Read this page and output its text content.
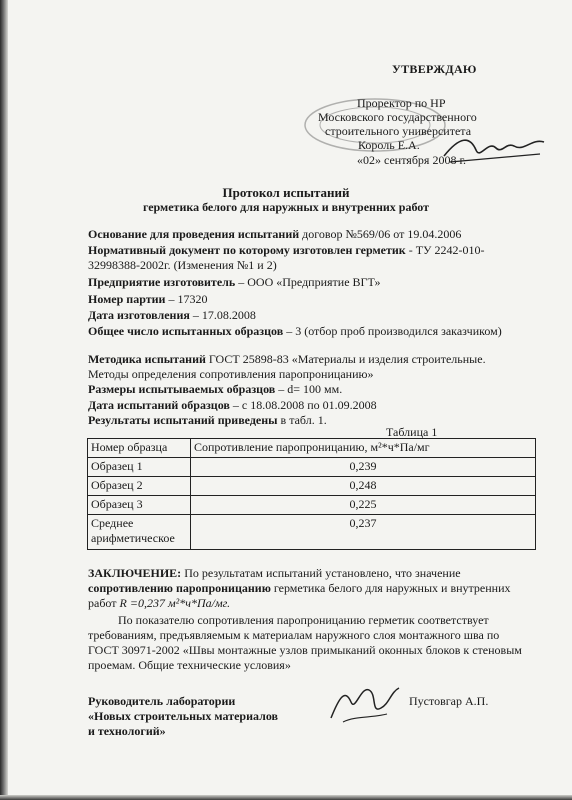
УТВЕРЖДАЮ
Проректор по НР
Московского государственного
строительного университета
Король Е.А.
«02» сентября 2008 г.
Протокол испытаний
герметика белого для наружных и внутренних работ
Основание для проведения испытаний договор №569/06 от 19.04.2006
Нормативный документ по которому изготовлен герметик - ТУ 2242-010-32998388-2002г. (Изменения №1 и 2)
Предприятие изготовитель – ООО «Предприятие ВГТ»
Номер партии – 17320
Дата изготовления – 17.08.2008
Общее число испытанных образцов – 3 (отбор проб производился заказчиком)
Методика испытаний ГОСТ 25898-83 «Материалы и изделия строительные. Методы определения сопротивления паропроницанию»
Размеры испытываемых образцов – d= 100 мм.
Дата испытаний образцов – с 18.08.2008 по 01.09.2008
Результаты испытаний приведены в табл. 1.
Таблица 1
Номер образца	Сопротивление паропроницанию, м²*ч*Па/мг
Образец 1	0,239
Образец 2	0,248
Образец 3	0,225
Среднее арифметическое	0,237
ЗАКЛЮЧЕНИЕ: По результатам испытаний установлено, что значение сопротивлению паропроницанию герметика белого для наружных и внутренних работ R =0,237 м²*ч*Па/мг.
По показателю сопротивления паропроницанию герметик соответствует требованиям, предъявляемым к материалам наружного слоя монтажного шва по ГОСТ 30971-2002 «Швы монтажные узлов примыканий оконных блоков к стеновым проемам. Общие технические условия»
Руководитель лаборатории
«Новых строительных материалов
и технологий»
Пустовгар А.П.
